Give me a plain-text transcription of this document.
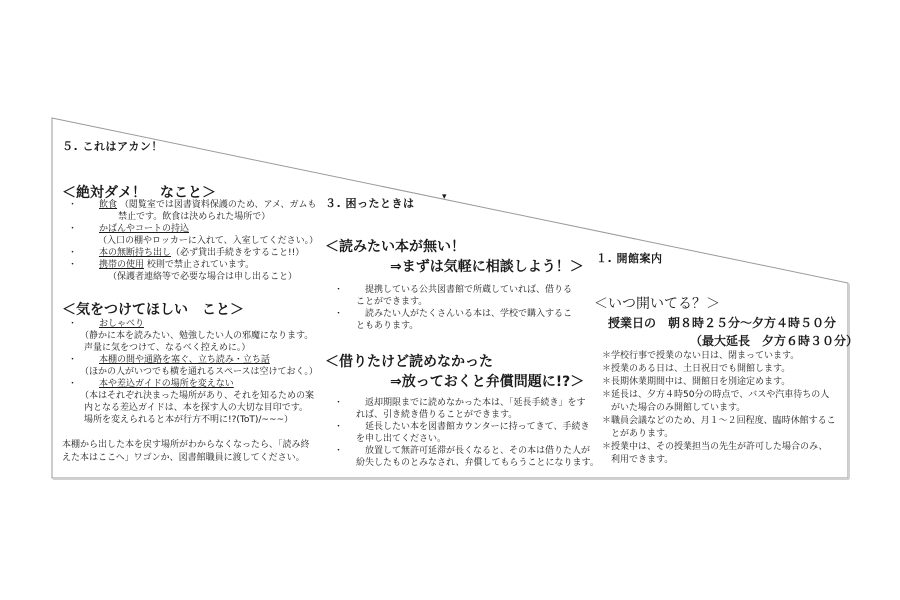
５. これはアカン！
＜絶対ダメ！　なこと＞
・ 飲食 （閲覧室では図書資料保護のため、アメ、ガムも
禁止です。飲食は決められた場所で）
・ かばんやコートの持込
（入口の棚やロッカーに入れて、入室してください。）
・ 本の無断持ち出し（必ず貸出手続きをすること!!）
・ 携帯の使用 校則で禁止されています。
（保護者連絡等で必要な場合は申し出ること）
＜気をつけてほしい　こと＞
・ おしゃべり
（静かに本を読みたい、勉強したい人の邪魔になります。
声量に気をつけて、なるべく控えめに。）
・ 本棚の間や通路を塞ぐ、立ち読み・立ち話
（ほかの人がいつでも横を通れるスペースは空けておく。）
・ 本や差込ガイドの場所を変えない
（本はそれぞれ決まった場所があり、それを知るための案
内となる差込ガイドは、本を探す人の大切な目印です。
場所を変えられると本が行方不明に!?(ToT)/~~~）
本棚から出した本を戻す場所がわからなくなったら、「読み終
えた本はここへ」ワゴンか、図書館職員に渡してください。
３. 困ったときは	▾
＜読みたい本が無い！
⇒まずは気軽に相談しよう！＞
・ 提携している公共図書館で所蔵していれば、借りる
ことができます。
・ 読みたい人がたくさんいる本は、学校で購入するこ
ともあります。
＜借りたけど読めなかった
⇒放っておくと弁償問題に!?＞
・ 返却期限までに読めなかった本は、「延長手続き」をす
れば、引き続き借りることができます。
・ 延長したい本を図書館カウンターに持ってきて、手続き
を申し出てください。
・ 放置して無許可延滞が長くなると、その本は借りた人が
紛失したものとみなされ、弁償してもらうことになります。
１. 開館案内
＜いつ開いてる？＞
授業日の　朝８時２５分～夕方４時５０分
（最大延長　夕方６時３０分）
＊学校行事で授業のない日は、閉まっています。
＊授業のある日は、土日祝日でも開館します。
＊長期休業期間中は、開館日を別途定めます。
＊延長は、夕方４時50分の時点で、バスや汽車待ちの人
　がいた場合のみ開館しています。
＊職員会議などのため、月１～２回程度、臨時休館するこ
　とがあります。
＊授業中は、その授業担当の先生が許可した場合のみ、
　利用できます。
